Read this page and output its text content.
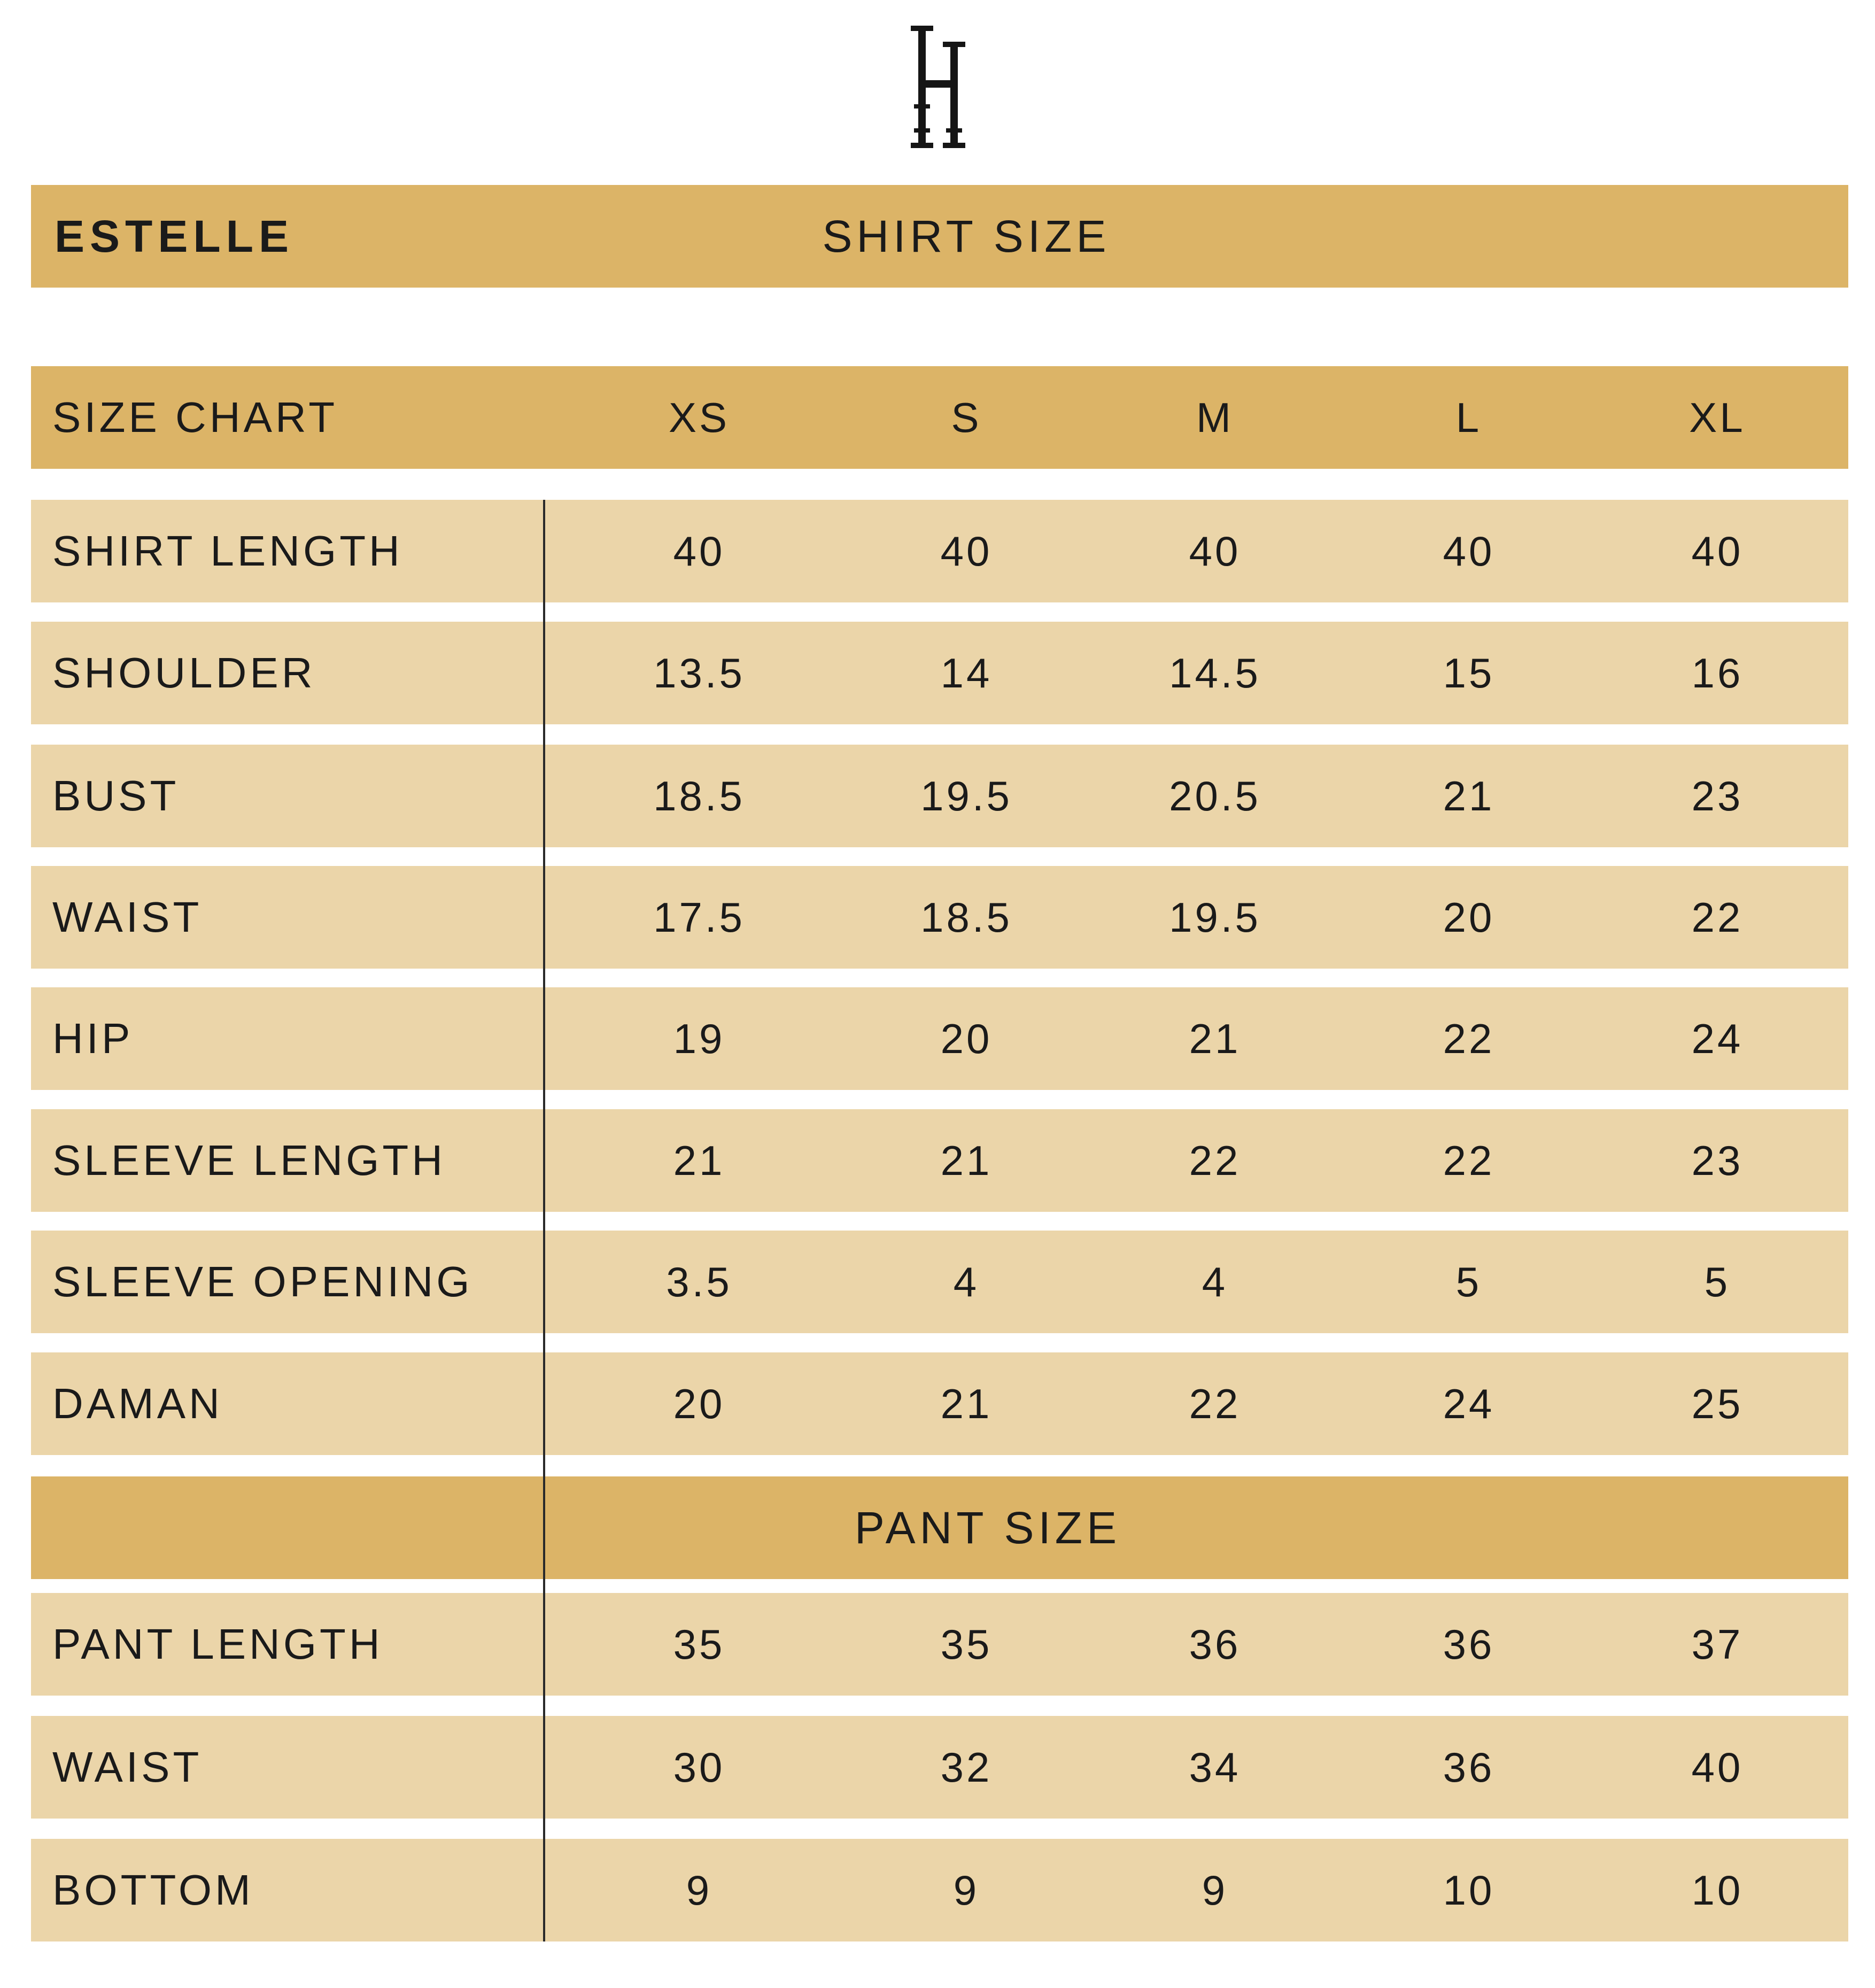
ESTELLE	SHIRT SIZE
SIZE CHART	XS	S	M	L	XL
SHIRT LENGTH	40	40	40	40	40
SHOULDER	13.5	14	14.5	15	16
BUST	18.5	19.5	20.5	21	23
WAIST	17.5	18.5	19.5	20	22
HIP	19	20	21	22	24
SLEEVE LENGTH	21	21	22	22	23
SLEEVE OPENING	3.5	4	4	5	5
DAMAN	20	21	22	24	25
PANT SIZE
PANT LENGTH	35	35	36	36	37
WAIST	30	32	34	36	40
BOTTOM	9	9	9	10	10
